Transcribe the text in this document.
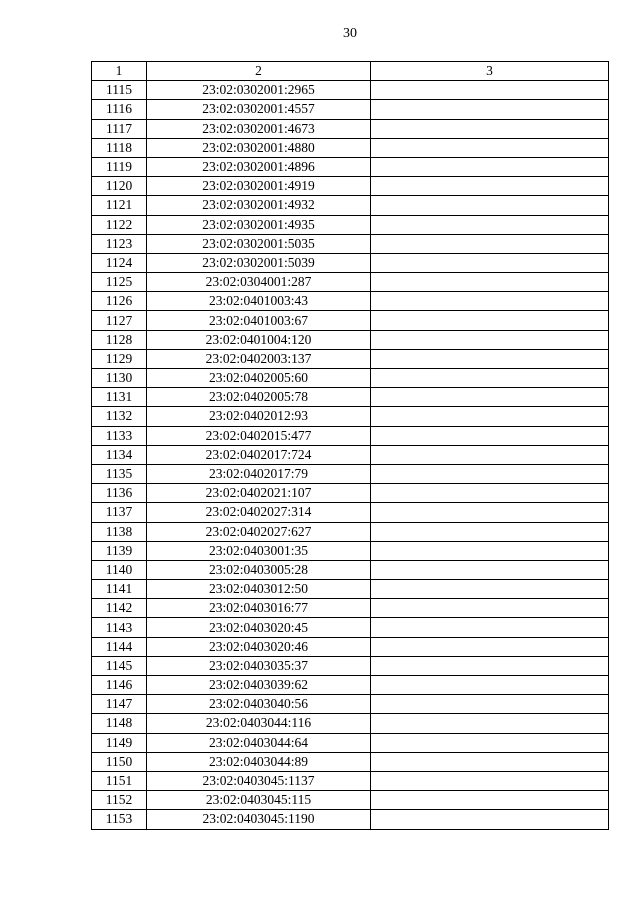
30
1	2	3
1115	23:02:0302001:2965	
1116	23:02:0302001:4557	
1117	23:02:0302001:4673	
1118	23:02:0302001:4880	
1119	23:02:0302001:4896	
1120	23:02:0302001:4919	
1121	23:02:0302001:4932	
1122	23:02:0302001:4935	
1123	23:02:0302001:5035	
1124	23:02:0302001:5039	
1125	23:02:0304001:287	
1126	23:02:0401003:43	
1127	23:02:0401003:67	
1128	23:02:0401004:120	
1129	23:02:0402003:137	
1130	23:02:0402005:60	
1131	23:02:0402005:78	
1132	23:02:0402012:93	
1133	23:02:0402015:477	
1134	23:02:0402017:724	
1135	23:02:0402017:79	
1136	23:02:0402021:107	
1137	23:02:0402027:314	
1138	23:02:0402027:627	
1139	23:02:0403001:35	
1140	23:02:0403005:28	
1141	23:02:0403012:50	
1142	23:02:0403016:77	
1143	23:02:0403020:45	
1144	23:02:0403020:46	
1145	23:02:0403035:37	
1146	23:02:0403039:62	
1147	23:02:0403040:56	
1148	23:02:0403044:116	
1149	23:02:0403044:64	
1150	23:02:0403044:89	
1151	23:02:0403045:1137	
1152	23:02:0403045:115	
1153	23:02:0403045:1190	
